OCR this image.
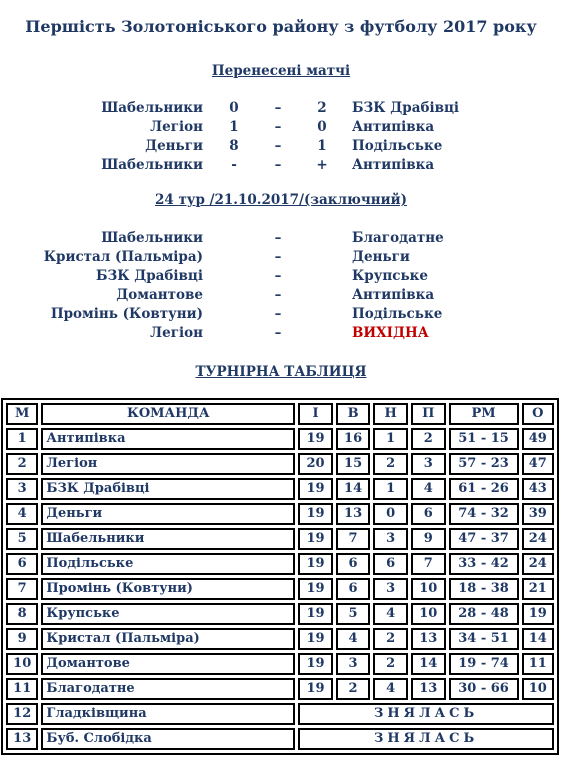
Першість Золотоніського району з футболу 2017 року
Перенесені матчі
Шабельники	0	–	2	БЗК Драбівці
Легіон	1	–	0	Антипівка
Деньги	8	–	1	Подільське
Шабельники	-	–	+	Антипівка
24 тур /21.10.2017/(заключний)
Шабельники	–	Благодатне
Кристал (Пальміра)	–	Деньги
БЗК Драбівці	–	Крупське
Домантове	–	Антипівка
Промінь (Ковтуни)	–	Подільське
Легіон	–	ВИХІДНА
ТУРНІРНА ТАБЛИЦЯ
М	КОМАНДА	І	В	Н	П	РМ	О
1	Антипівка	19	16	1	2	51 - 15	49
2	Легіон	20	15	2	3	57 - 23	47
3	БЗК Драбівці	19	14	1	4	61 - 26	43
4	Деньги	19	13	0	6	74 - 32	39
5	Шабельники	19	7	3	9	47 - 37	24
6	Подільське	19	6	6	7	33 - 42	24
7	Промінь (Ковтуни)	19	6	3	10	18 - 38	21
8	Крупське	19	5	4	10	28 - 48	19
9	Кристал (Пальміра)	19	4	2	13	34 - 51	14
10	Домантове	19	3	2	14	19 - 74	11
11	Благодатне	19	2	4	13	30 - 66	10
12	Гладківщина	ЗНЯЛАСЬ					
13	Буб. Слобідка	ЗНЯЛАСЬ					
